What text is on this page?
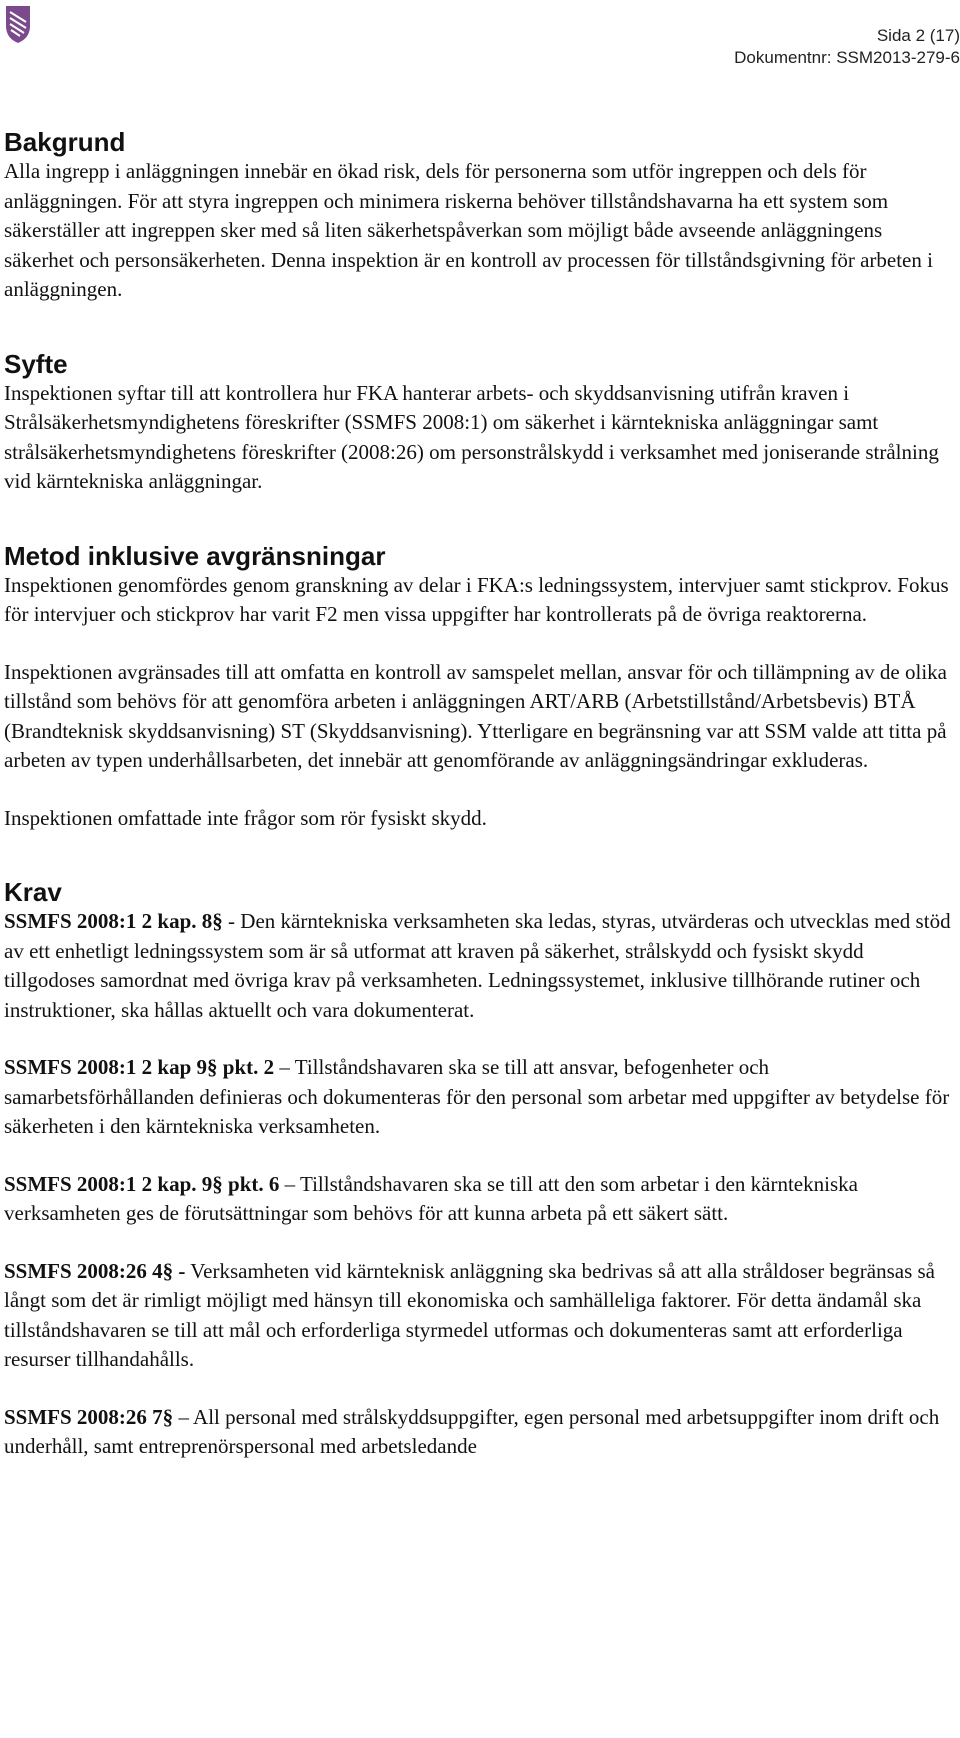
Sida 2 (17)
Dokumentnr: SSM2013-279-6
Bakgrund

Alla ingrepp i anläggningen innebär en ökad risk, dels för personerna som utför ingreppen och dels för anläggningen. För att styra ingreppen och minimera riskerna behöver tillståndshavarna ha ett system som säkerställer att ingreppen sker med så liten säkerhetspåverkan som möjligt både avseende anläggningens säkerhet och personsäkerheten. Denna inspektion är en kontroll av processen för tillståndsgivning för arbeten i anläggningen.

Syfte

Inspektionen syftar till att kontrollera hur FKA hanterar arbets- och skyddsanvisning utifrån kraven i Strålsäkerhetsmyndighetens föreskrifter (SSMFS 2008:1) om säkerhet i kärntekniska anläggningar samt strålsäkerhetsmyndighetens föreskrifter (2008:26) om personstrålskydd i verksamhet med joniserande strålning vid kärntekniska anläggningar.

Metod inklusive avgränsningar

Inspektionen genomfördes genom granskning av delar i FKA:s ledningssystem, intervjuer samt stickprov. Fokus för intervjuer och stickprov har varit F2 men vissa uppgifter har kontrollerats på de övriga reaktorerna.

Inspektionen avgränsades till att omfatta en kontroll av samspelet mellan, ansvar för och tillämpning av de olika tillstånd som behövs för att genomföra arbeten i anläggningen ART/ARB (Arbetstillstånd/Arbetsbevis) BTÅ (Brandteknisk skyddsanvisning) ST (Skyddsanvisning). Ytterligare en begränsning var att SSM valde att titta på arbeten av typen underhållsarbeten, det innebär att genomförande av anläggningsändringar exkluderas.

Inspektionen omfattade inte frågor som rör fysiskt skydd.

Krav

SSMFS 2008:1 2 kap. 8§ - Den kärntekniska verksamheten ska ledas, styras, utvärderas och utvecklas med stöd av ett enhetligt ledningssystem som är så utformat att kraven på säkerhet, strålskydd och fysiskt skydd tillgodoses samordnat med övriga krav på verksamheten. Ledningssystemet, inklusive tillhörande rutiner och instruktioner, ska hållas aktuellt och vara dokumenterat.

SSMFS 2008:1 2 kap 9§ pkt. 2 – Tillståndshavaren ska se till att ansvar, befogenheter och samarbetsförhållanden definieras och dokumenteras för den personal som arbetar med uppgifter av betydelse för säkerheten i den kärntekniska verksamheten.

SSMFS 2008:1 2 kap. 9§ pkt. 6 – Tillståndshavaren ska se till att den som arbetar i den kärntekniska verksamheten ges de förutsättningar som behövs för att kunna arbeta på ett säkert sätt.

SSMFS 2008:26 4§ - Verksamheten vid kärnteknisk anläggning ska bedrivas så att alla stråldoser begränsas så långt som det är rimligt möjligt med hänsyn till ekonomiska och samhälleliga faktorer. För detta ändamål ska tillståndshavaren se till att mål och erforderliga styrmedel utformas och dokumenteras samt att erforderliga resurser tillhandahålls.

SSMFS 2008:26 7§ – All personal med strålskyddsuppgifter, egen personal med arbetsuppgifter inom drift och underhåll, samt entreprenörspersonal med arbetsledande
